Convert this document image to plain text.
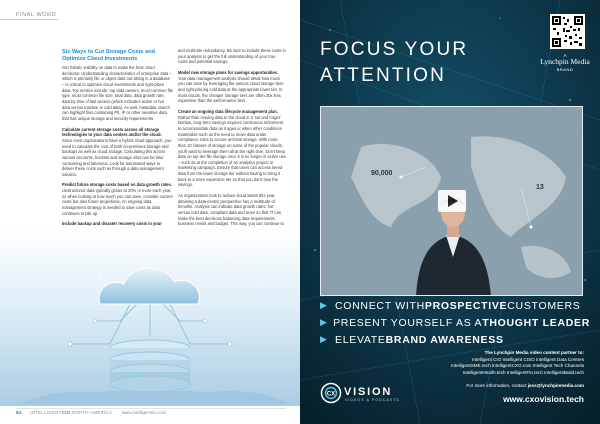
FINAL WORD
Six Ways to Cut Storage Costs and Optimize Cloud Investments

Get holistic visibility on data to make the best cloud decisions: Understanding characteristics of enterprise data – which is primarily file or object data not sitting in a database – is critical to optimize cloud investments and right-place data. Top metrics include: top data owners, most common file type, most common file size, total data, data growth rate, data by time of last access (which indicates active or hot data versus inactive or cold data). As well, metadata search can highlight files containing PII, IP or other sensitive data that has unique storage and security requirements.

Calculate current storage costs across all storage technologies to your data centers and/or the cloud. Since most organizations have a hybrid cloud approach, you need to calculate the cost of both on-premises storage and backups as well as cloud storage. Calculating this across various accounts, buckets and storage silos can be time consuming and laborious. Look for automated ways to deliver these costs such as through a data management solution.

Predict future storage costs based on data growth rates. Unstructured data typically grows at 20% or more each year, so when looking at how much you can save, consider current costs but also future projections. An ongoing data management strategy is needed to save costs as data continues to pile up.

Include backup and disaster recovery costs in your

and multi-site redundancy. Be sure to include these costs in your analysis to get the full understanding of your true costs and potential savings.

Model new storage plans for savings opportunities. Your data management analysis should detail how much you can save by leveraging the various cloud storage tiers and right-placing cold data at the appropriate lower tier. In most clouds, the cheaper storage tiers are often 20x less expensive than the performance tiers.

Create an ongoing data lifecycle management plan. Rather than moving data to the cloud in a 'set and forget' fashion, long-term savings requires continuous refinement to accommodate data as it ages or when other conditions materialize such as the need to move data under compliance rules to secure archival storage. With more than 10 classes of storage on some of the popular clouds, you'll want to leverage them all at the right time. Don't keep data on top tier file storage once it is no longer in active use – such as at the completion of an analytics project or marketing campaign. Ensure that users can access tiered data from the lower storage tier without having to bring it back to a more expensive tier so that you don't lose the savings.

As organizations look to reduce cloud waste this year, attaining a data-centric perspective has a multitude of benefits. Analysis can indicate data growth rates, hot versus cold data, compliant data and more so that IT can make the best decisions balancing data requirements, business needs and budget. This way, you can continue to

84 INTELLIGENTCIO NORTH AMERICA www.intelligentcio.com
FOCUS YOUR
ATTENTION
A
Lynchpin Media
BRAND
90,000
13
▶ CONNECT WITH PROSPECTIVE CUSTOMERS
▶ PRESENT YOURSELF AS A THOUGHT LEADER
▶ ELEVATE BRAND AWARENESS
The Lynchpin Media video content partner to:
Intelligent CIO Intelligent CISO Intelligent Data Centres
IntelligentSME.tech IntelligentCXO.com Intelligent Tech Channels
IntelligentHealth.tech IntelligentFin.tech IntelligentBuild.tech
CX VISION
VIDEOS & PODCASTS
For more information, contact jess@lynchpinmedia.com
www.cxovision.tech
